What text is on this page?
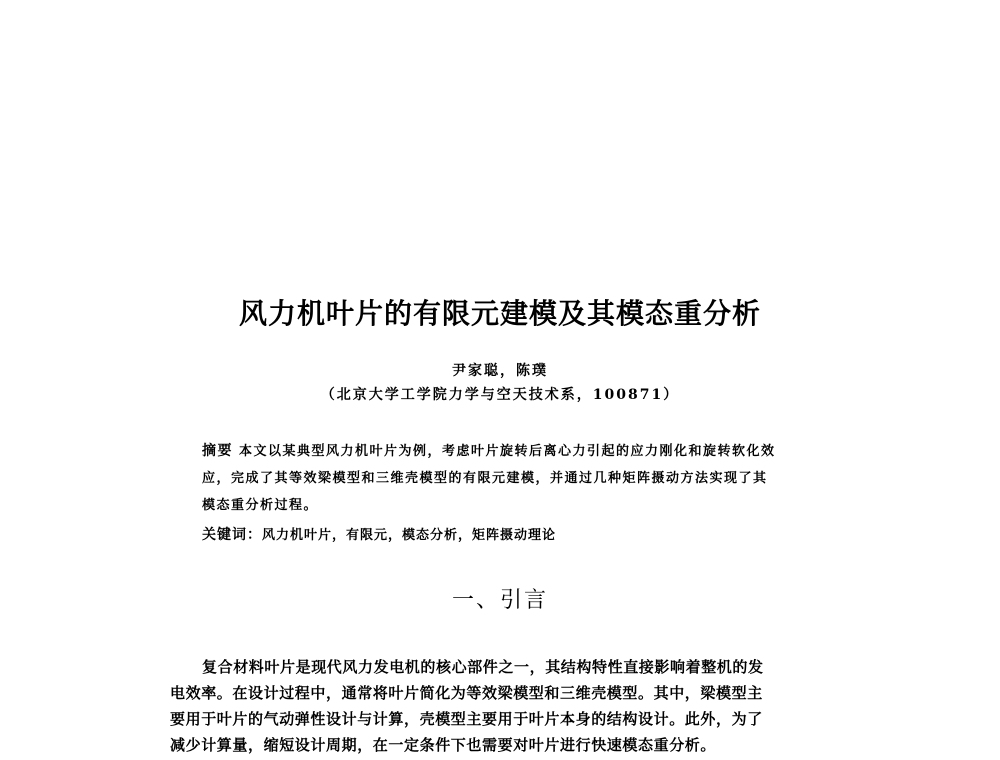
风力机叶片的有限元建模及其模态重分析
尹家聪，陈璞
（北京大学工学院力学与空天技术系，100871）
摘要 本文以某典型风力机叶片为例，考虑叶片旋转后离心力引起的应力刚化和旋转软化效
应，完成了其等效梁模型和三维壳模型的有限元建模，并通过几种矩阵摄动方法实现了其
模态重分析过程。
关键词：风力机叶片，有限元，模态分析，矩阵摄动理论
一、引言
复合材料叶片是现代风力发电机的核心部件之一，其结构特性直接影响着整机的发
电效率。在设计过程中，通常将叶片简化为等效梁模型和三维壳模型。其中，梁模型主
要用于叶片的气动弹性设计与计算，壳模型主要用于叶片本身的结构设计。此外，为了
减少计算量，缩短设计周期，在一定条件下也需要对叶片进行快速模态重分析。
